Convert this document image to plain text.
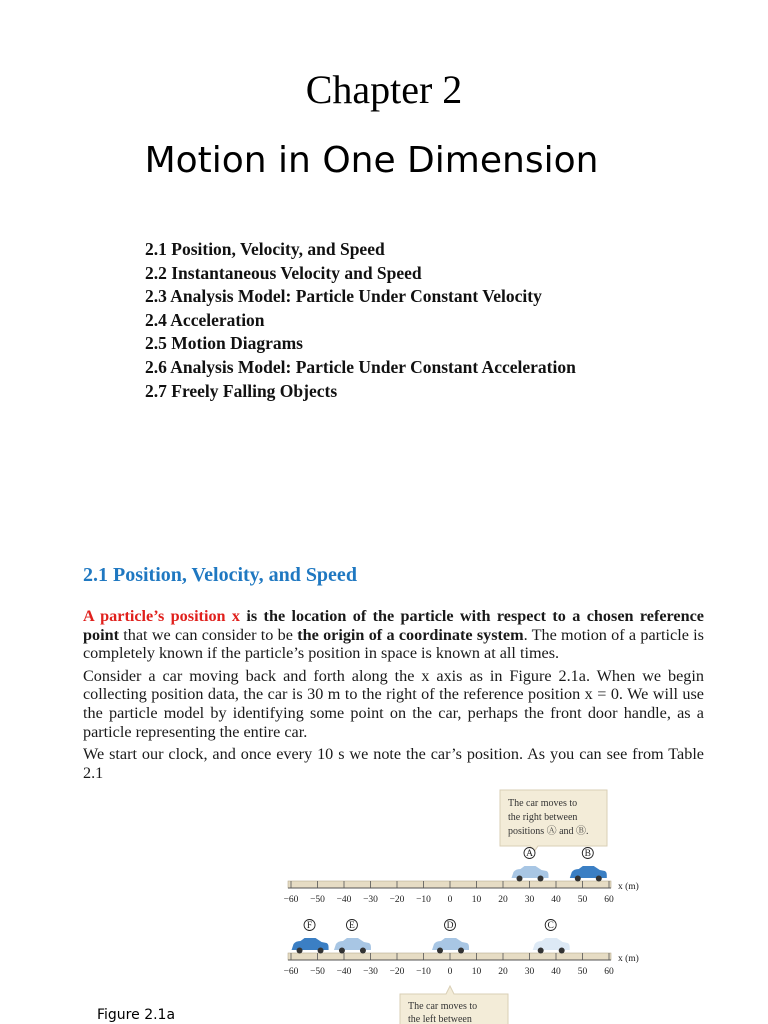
Chapter 2
Motion in One Dimension
2.1 Position, Velocity, and Speed
2.2 Instantaneous Velocity and Speed
2.3 Analysis Model: Particle Under Constant Velocity
2.4 Acceleration
2.5 Motion Diagrams
2.6 Analysis Model: Particle Under Constant Acceleration
2.7 Freely Falling Objects
2.1 Position, Velocity, and Speed

A particle’s position x is the location of the particle with respect to a chosen reference point that we can consider to be the origin of a coordinate system. The motion of a particle is completely known if the particle’s position in space is known at all times.

Consider a car moving back and forth along the x axis as in Figure 2.1a. When we begin collecting position data, the car is 30 m to the right of the reference position x = 0. We will use the particle model by identifying some point on the car, perhaps the front door handle, as a particle representing the entire car.

We start our clock, and once every 10 s we note the car’s position. As you can see from Table 2.1

The car moves to
the right between
positions Ⓐ and Ⓑ.
−60 −50 −40 −30 −20 −10 0 10 20 30 40 50 60
x (m)
A	B
−60 −50 −40 −30 −20 −10 0 10 20 30 40 50 60
x (m)
F	E	D	C
The car moves to
the left between
Figure 2.1a
